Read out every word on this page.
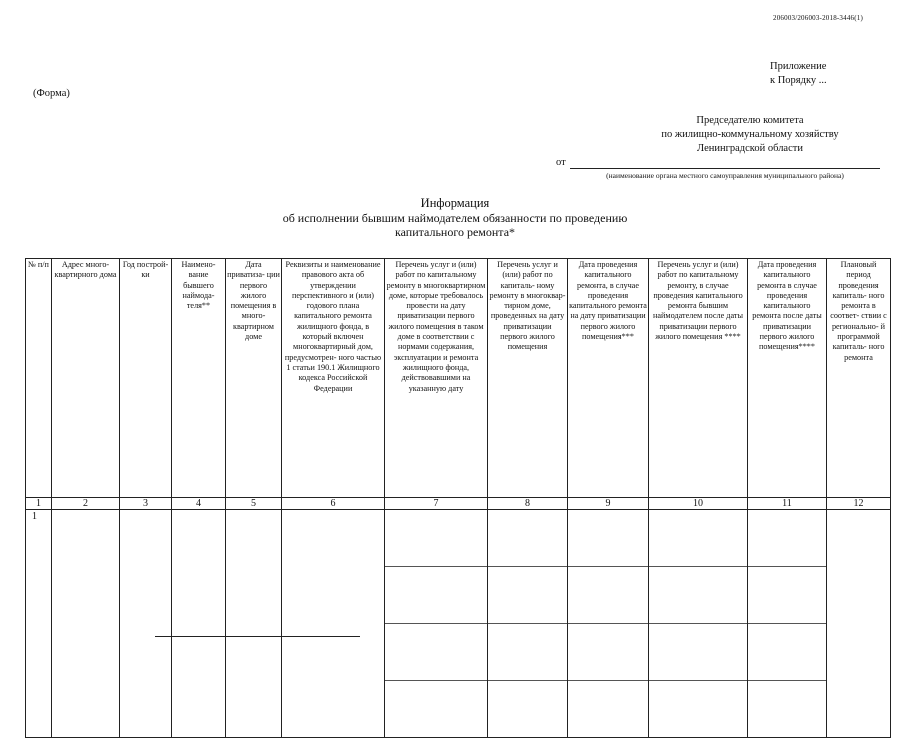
206003/206003-2018-3446(1)
Приложение
к Порядку ...
(Форма)
Председателю комитета
по жилищно-коммунальному хозяйству
Ленинградской области
от
(наименование органа местного самоуправления муниципального района)
Информация
об исполнении бывшим наймодателем обязанности по проведению
капитального ремонта*
№ п/п	Адрес много- квартирного дома	Год построй- ки	Наимено- вание бывшего наймода- теля**	Дата приватиза- ции первого жилого помещения в много- квартирном доме	Реквизиты и наименование правового акта об утверждении перспективного и (или) годового плана капитального ремонта жилищного фонда, в который включен многоквартирный дом, предусмотрен- ного частью 1 статьи 190.1 Жилищного кодекса Российской Федерации	Перечень услуг и (или) работ по капитальному ремонту в многоквартирном доме, которые требовалось провести на дату приватизации первого жилого помещения в таком доме в соответствии с нормами содержания, эксплуатации и ремонта жилищного фонда, действовавшими на указанную дату	Перечень услуг и (или) работ по капиталь- ному ремонту в многоквар- тирном доме, проведенных на дату приватизации первого жилого помещения	Дата проведения капитального ремонта, в случае проведения капитального ремонта на дату приватизации первого жилого помещения***	Перечень услуг и (или) работ по капитальному ремонту, в случае проведения капитального ремонта бывшим наймодателем после даты приватизации первого жилого помещения ****	Дата проведения капитального ремонта в случае проведения капитального ремонта после даты приватизации первого жилого помещения****	Плановый период проведения капиталь- ного ремонта в соответ- ствии с регионально- й программой капиталь- ного ремонта
1	2	3	4	5	6	7	8	9	10	11	12
1						
